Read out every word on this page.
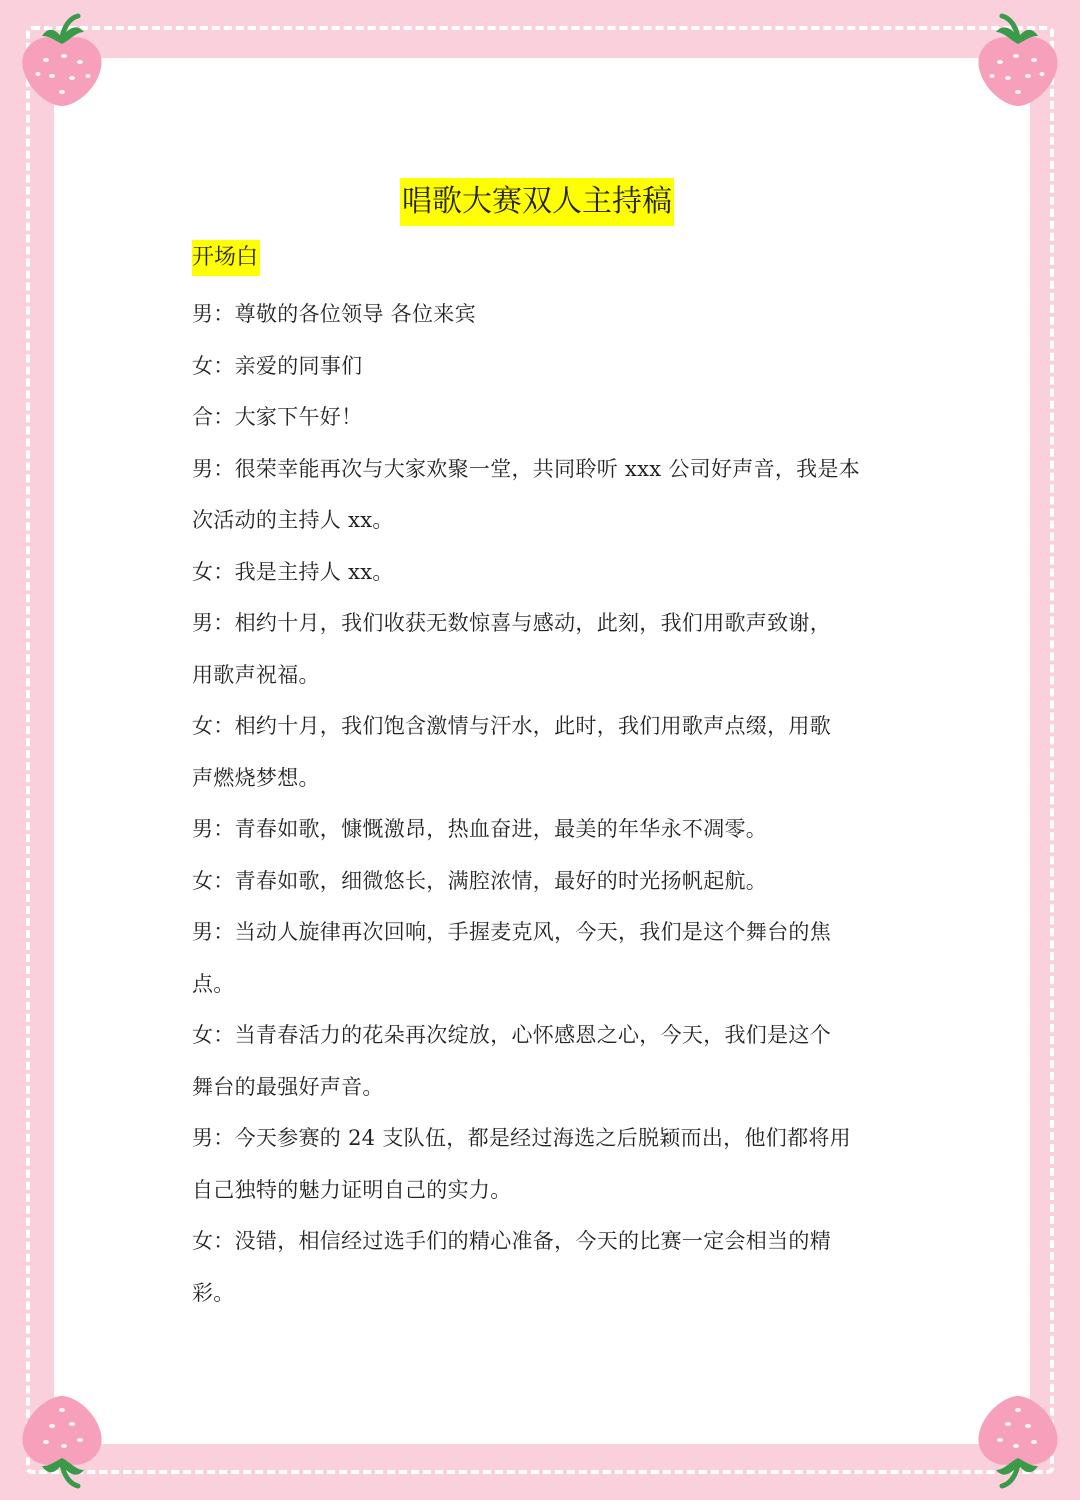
唱歌大赛双人主持稿
开场白
男：尊敬的各位领导 各位来宾
女：亲爱的同事们
合：大家下午好！
男：很荣幸能再次与大家欢聚一堂，共同聆听 xxx 公司好声音，我是本
次活动的主持人 xx。
女：我是主持人 xx。
男：相约十月，我们收获无数惊喜与感动，此刻，我们用歌声致谢，
用歌声祝福。
女：相约十月，我们饱含激情与汗水，此时，我们用歌声点缀，用歌
声燃烧梦想。
男：青春如歌，慷慨激昂，热血奋进，最美的年华永不凋零。
女：青春如歌，细微悠长，满腔浓情，最好的时光扬帆起航。
男：当动人旋律再次回响，手握麦克风，今天，我们是这个舞台的焦
点。
女：当青春活力的花朵再次绽放，心怀感恩之心，今天，我们是这个
舞台的最强好声音。
男：今天参赛的 24 支队伍，都是经过海选之后脱颖而出，他们都将用
自己独特的魅力证明自己的实力。
女：没错，相信经过选手们的精心准备，今天的比赛一定会相当的精
彩。
